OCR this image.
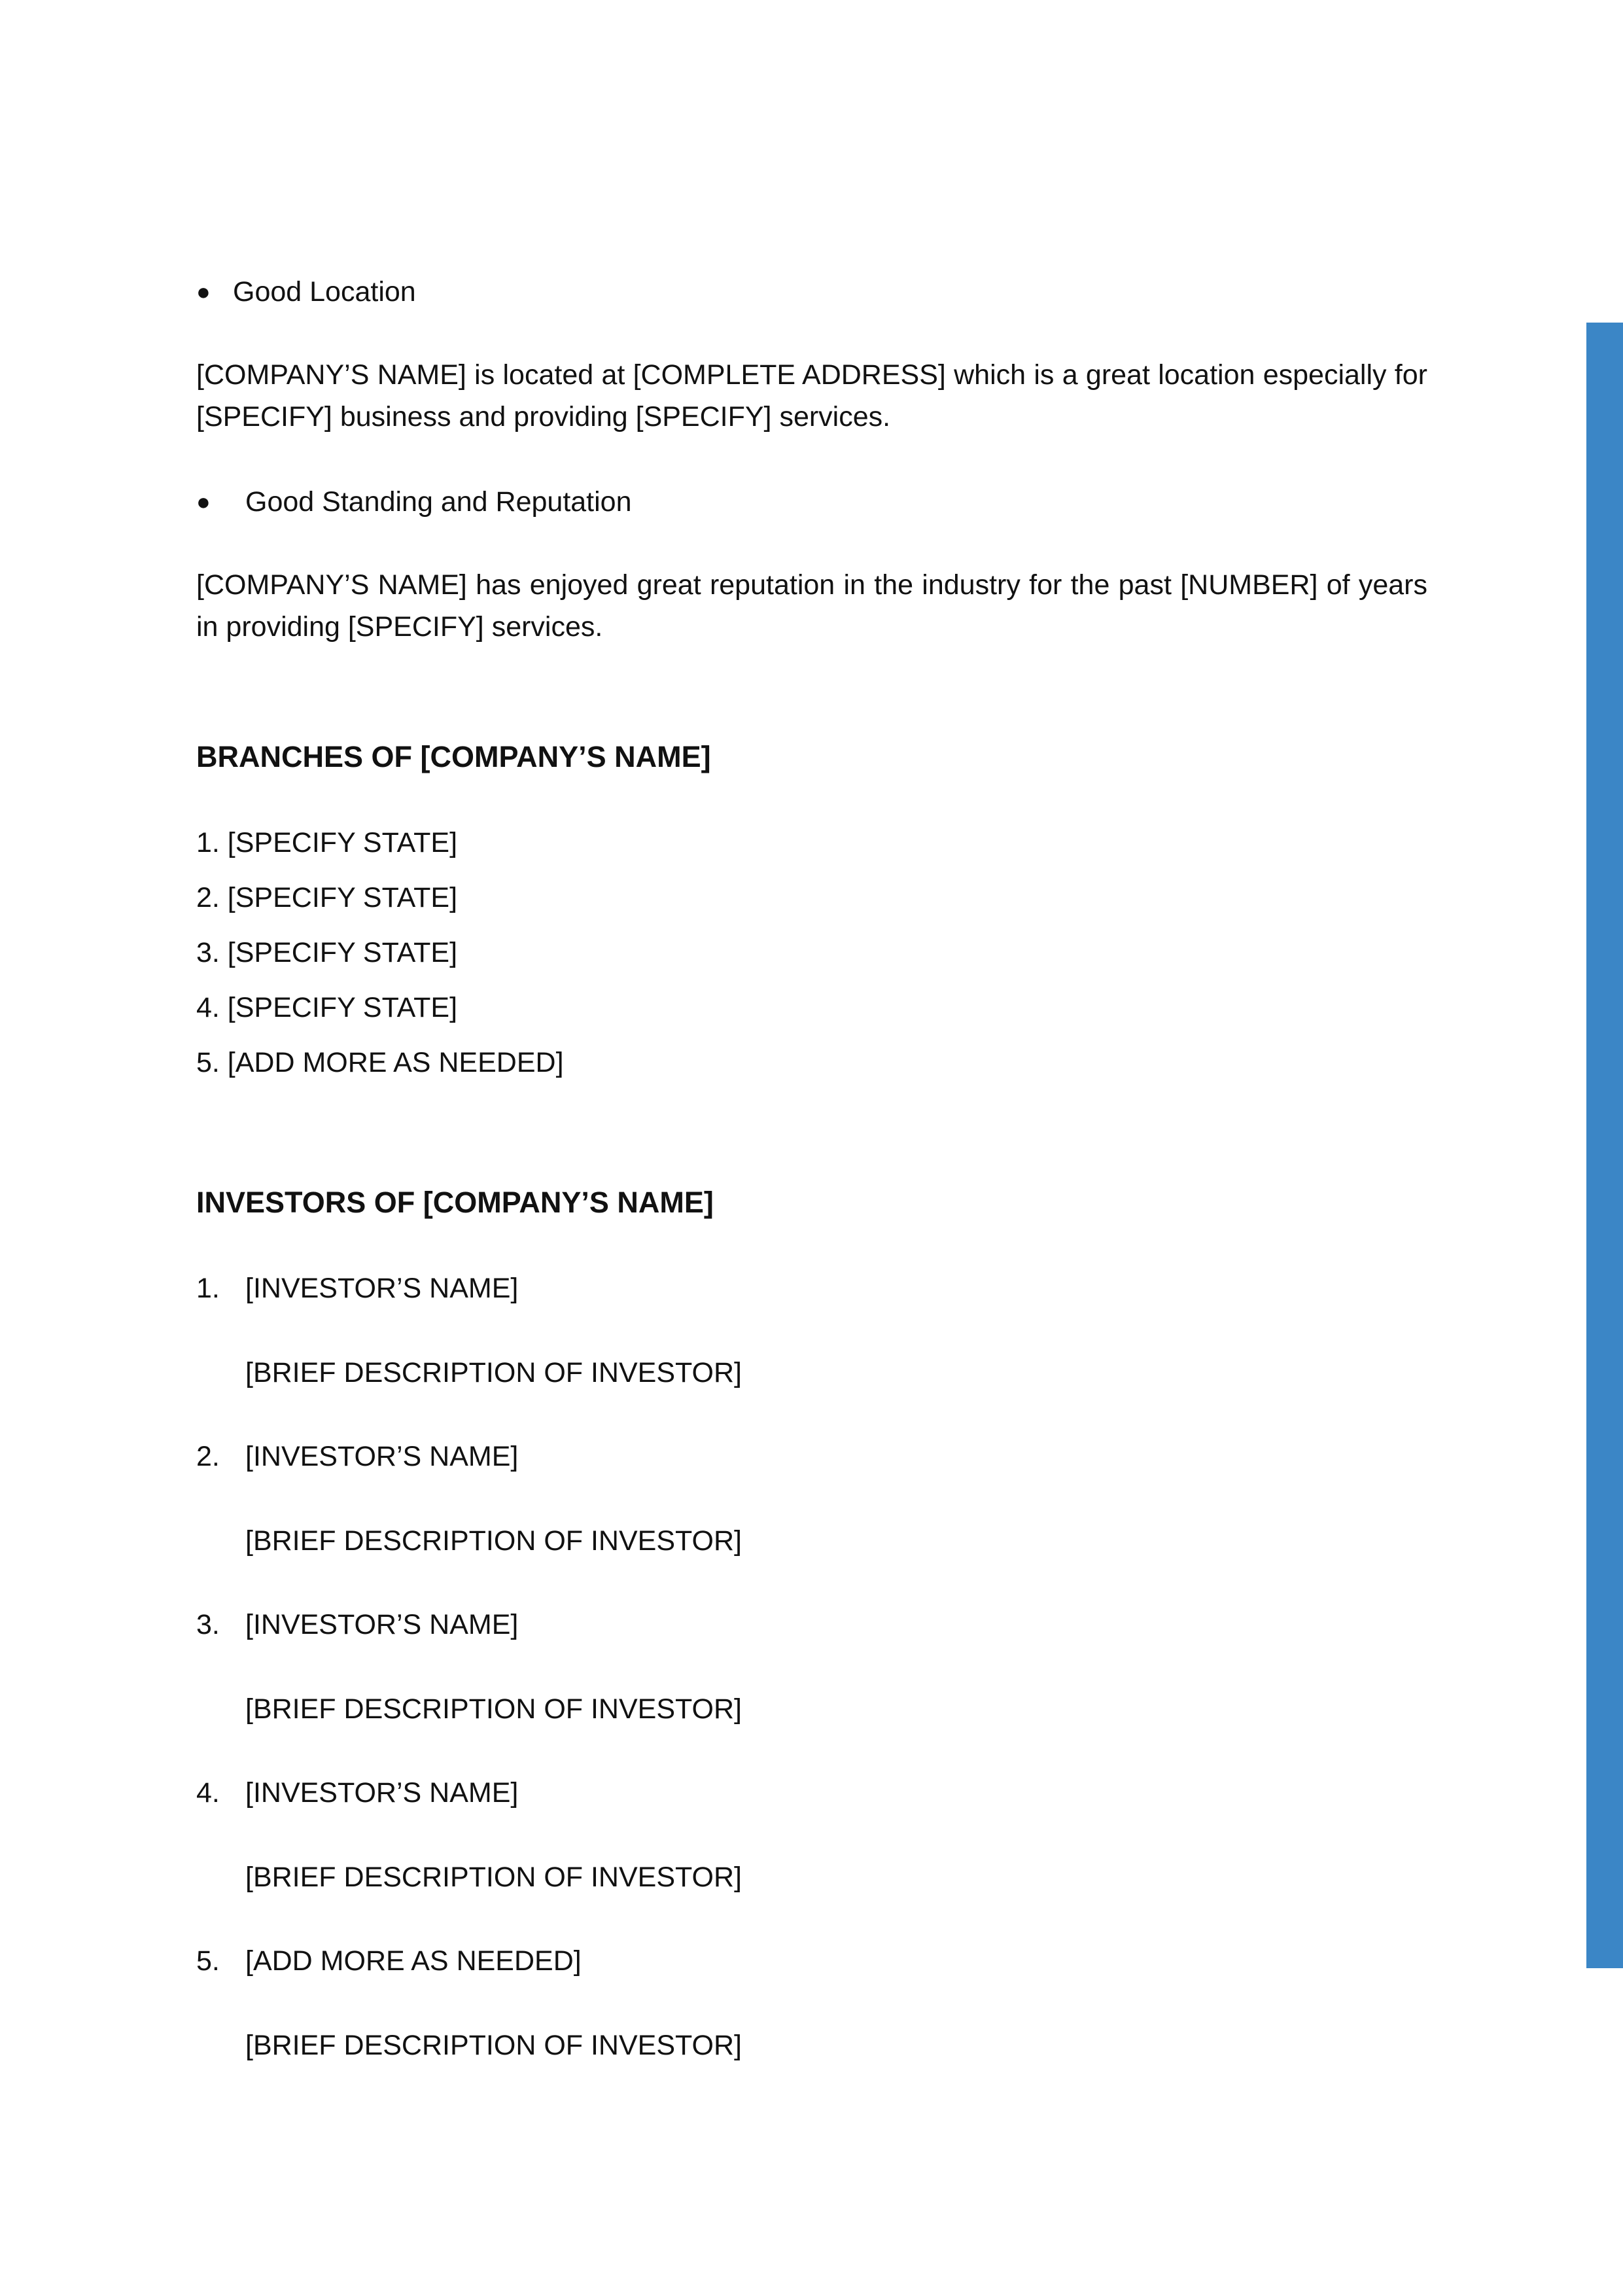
● Good Location
[COMPANY’S NAME] is located at [COMPLETE ADDRESS] which is a great location especially for [SPECIFY] business and providing [SPECIFY] services.
● Good Standing and Reputation
[COMPANY’S NAME] has enjoyed great reputation in the industry for the past [NUMBER] of years in providing [SPECIFY] services.
BRANCHES OF [COMPANY’S NAME]
1. [SPECIFY STATE]
2. [SPECIFY STATE]
3. [SPECIFY STATE]
4. [SPECIFY STATE]
5. [ADD MORE AS NEEDED]
INVESTORS OF [COMPANY’S NAME]
1. [INVESTOR’S NAME]
[BRIEF DESCRIPTION OF INVESTOR]
2. [INVESTOR’S NAME]
[BRIEF DESCRIPTION OF INVESTOR]
3. [INVESTOR’S NAME]
[BRIEF DESCRIPTION OF INVESTOR]
4. [INVESTOR’S NAME]
[BRIEF DESCRIPTION OF INVESTOR]
5. [ADD MORE AS NEEDED]
[BRIEF DESCRIPTION OF INVESTOR]
